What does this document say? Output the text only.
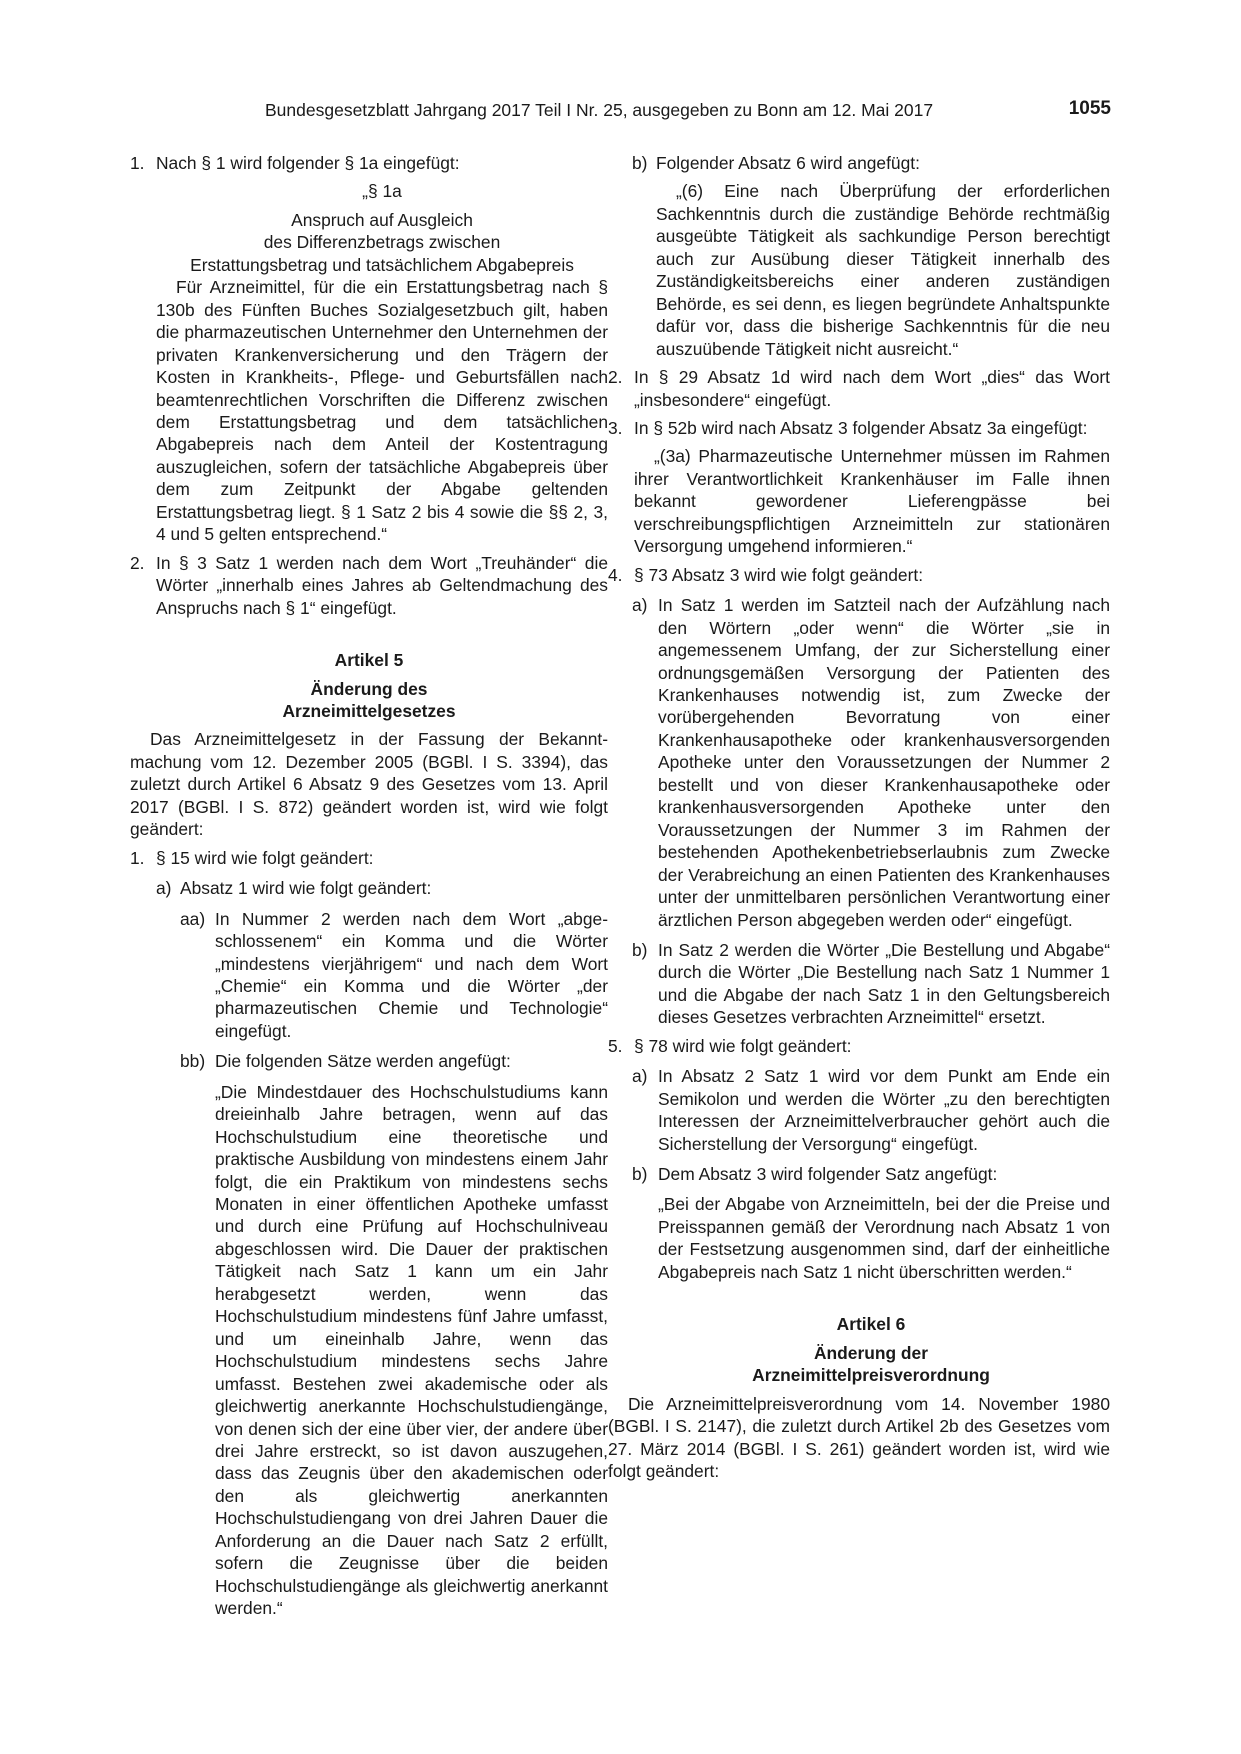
Bundesgesetzblatt Jahrgang 2017 Teil I Nr. 25, ausgegeben zu Bonn am 12. Mai 2017	1055
1. Nach § 1 wird folgender § 1a eingefügt:

„§ 1a

Anspruch auf Ausgleich

des Differenzbetrags zwischen

Erstattungsbetrag und tatsächlichem Abgabepreis

Für Arzneimittel, für die ein Erstattungsbetrag nach § 130b des Fünften Buches Sozialgesetzbuch gilt, haben die pharmazeutischen Unternehmer den Unternehmen der privaten Krankenversicherung und den Trägern der Kosten in Krankheits-, Pflege- und Geburtsfällen nach beamtenrechtlichen Vorschriften die Differenz zwischen dem Erstattungsbetrag und dem tatsächlichen Abgabepreis nach dem Anteil der Kostentragung auszugleichen, sofern der tatsächliche Abgabepreis über dem zum Zeitpunkt der Abgabe geltenden Erstattungsbetrag liegt. § 1 Satz 2 bis 4 sowie die §§ 2, 3, 4 und 5 gelten entsprechend.“

2. In § 3 Satz 1 werden nach dem Wort „Treuhänder“ die Wörter „innerhalb eines Jahres ab Geltendmachung des Anspruchs nach § 1“ eingefügt.

Artikel 5

Änderung des

Arzneimittelgesetzes

Das Arzneimittelgesetz in der Fassung der Bekanntmachung vom 12. Dezember 2005 (BGBl. I S. 3394), das zuletzt durch Artikel 6 Absatz 9 des Gesetzes vom 13. April 2017 (BGBl. I S. 872) geändert worden ist, wird wie folgt geändert:

1. § 15 wird wie folgt geändert:
a) Absatz 1 wird wie folgt geändert:
aa) In Nummer 2 werden nach dem Wort „abgeschlossenem“ ein Komma und die Wörter „mindestens vierjährigem“ und nach dem Wort „Chemie“ ein Komma und die Wörter „der pharmazeutischen Chemie und Technologie“ eingefügt.
bb) Die folgenden Sätze werden angefügt:

„Die Mindestdauer des Hochschulstudiums kann dreieinhalb Jahre betragen, wenn auf das Hochschulstudium eine theoretische und praktische Ausbildung von mindestens einem Jahr folgt, die ein Praktikum von mindestens sechs Monaten in einer öffentlichen Apotheke umfasst und durch eine Prüfung auf Hochschulniveau abgeschlossen wird. Die Dauer der praktischen Tätigkeit nach Satz 1 kann um ein Jahr herabgesetzt werden, wenn das Hochschulstudium mindestens fünf Jahre umfasst, und um eineinhalb Jahre, wenn das Hochschulstudium mindestens sechs Jahre umfasst. Bestehen zwei akademische oder als gleichwertig anerkannte Hochschulstudiengänge, von denen sich der eine über vier, der andere über drei Jahre erstreckt, so ist davon auszugehen, dass das Zeugnis über den akademischen oder den als gleichwertig anerkannten Hochschulstudiengang von drei Jahren Dauer die Anforderung an die Dauer nach Satz 2 erfüllt, sofern die Zeugnisse über die beiden Hochschulstudiengänge als gleichwertig anerkannt werden.“

b) Folgender Absatz 6 wird angefügt:

„(6) Eine nach Überprüfung der erforderlichen Sachkenntnis durch die zuständige Behörde rechtmäßig ausgeübte Tätigkeit als sachkundige Person berechtigt auch zur Ausübung dieser Tätigkeit innerhalb des Zuständigkeitsbereichs einer anderen zuständigen Behörde, es sei denn, es liegen begründete Anhaltspunkte dafür vor, dass die bisherige Sachkenntnis für die neu auszuübende Tätigkeit nicht ausreicht.“

2. In § 29 Absatz 1d wird nach dem Wort „dies“ das Wort „insbesondere“ eingefügt.
3. In § 52b wird nach Absatz 3 folgender Absatz 3a eingefügt:

„(3a) Pharmazeutische Unternehmer müssen im Rahmen ihrer Verantwortlichkeit Krankenhäuser im Falle ihnen bekannt gewordener Lieferengpässe bei verschreibungspflichtigen Arzneimitteln zur stationären Versorgung umgehend informieren.“

4. § 73 Absatz 3 wird wie folgt geändert:
a) In Satz 1 werden im Satzteil nach der Aufzählung nach den Wörtern „oder wenn“ die Wörter „sie in angemessenem Umfang, der zur Sicherstellung einer ordnungsgemäßen Versorgung der Patienten des Krankenhauses notwendig ist, zum Zwecke der vorübergehenden Bevorratung von einer Krankenhausapotheke oder krankenhausversorgenden Apotheke unter den Voraussetzungen der Nummer 2 bestellt und von dieser Krankenhausapotheke oder krankenhausversorgenden Apotheke unter den Voraussetzungen der Nummer 3 im Rahmen der bestehenden Apothekenbetriebserlaubnis zum Zwecke der Verabreichung an einen Patienten des Krankenhauses unter der unmittelbaren persönlichen Verantwortung einer ärztlichen Person abgegeben werden oder“ eingefügt.
b) In Satz 2 werden die Wörter „Die Bestellung und Abgabe“ durch die Wörter „Die Bestellung nach Satz 1 Nummer 1 und die Abgabe der nach Satz 1 in den Geltungsbereich dieses Gesetzes verbrachten Arzneimittel“ ersetzt.
5. § 78 wird wie folgt geändert:
a) In Absatz 2 Satz 1 wird vor dem Punkt am Ende ein Semikolon und werden die Wörter „zu den berechtigten Interessen der Arzneimittelverbraucher gehört auch die Sicherstellung der Versorgung“ eingefügt.
b) Dem Absatz 3 wird folgender Satz angefügt:

„Bei der Abgabe von Arzneimitteln, bei der die Preise und Preisspannen gemäß der Verordnung nach Absatz 1 von der Festsetzung ausgenommen sind, darf der einheitliche Abgabepreis nach Satz 1 nicht überschritten werden.“

Artikel 6

Änderung der

Arzneimittelpreisverordnung

Die Arzneimittelpreisverordnung vom 14. November 1980 (BGBl. I S. 2147), die zuletzt durch Artikel 2b des Gesetzes vom 27. März 2014 (BGBl. I S. 261) geändert worden ist, wird wie folgt geändert:
